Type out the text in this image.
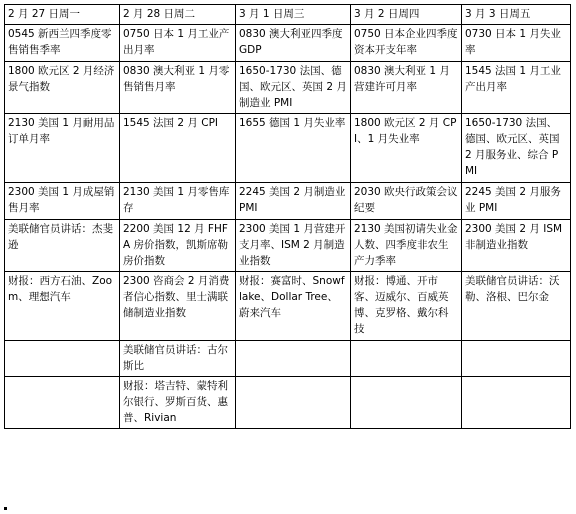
2 月 27 日周一	2 月 28 日周二	3 月 1 日周三	3 月 2 日周四	3 月 3 日周五

0545 新西兰四季度零售销售季率	0750 日本 1 月工业产出月率	0830 澳大利亚四季度 GDP	0750 日本企业四季度资本开支年率	0730 日本 1 月失业率

1800 欧元区 2 月经济景气指数	0830 澳大利亚 1 月零售销售月率	1650-1730 法国、德国、欧元区、英国 2 月制造业 PMI	0830 澳大利亚 1 月营建许可月率	1545 法国 1 月工业产出月率

2130 美国 1 月耐用品订单月率	1545 法国 2 月 CPI	1655 德国 1 月失业率	1800 欧元区 2 月 CPI、1 月失业率	1650-1730 法国、德国、欧元区、英国 2 月服务业、综合 PMI

2300 美国 1 月成屋销售月率	2130 美国 1 月零售库存	2245 美国 2 月制造业 PMI	2030 欧央行政策会议纪要	2245 美国 2 月服务业 PMI

美联储官员讲话：杰斐逊	2200 美国 12 月 FHFA 房价指数，凯斯席勒房价指数	2300 美国 1 月营建开支月率、ISM 2 月制造业指数	2130 美国初请失业金人数、四季度非农生产力季率	2300 美国 2 月 ISM 非制造业指数

财报：西方石油、Zoom、理想汽车	2300 咨商会 2 月消费者信心指数、里士满联储制造业指数	财报：赛富时、Snowflake、Dollar Tree、蔚来汽车	财报：博通、开市客、迈威尔、百威英博、克罗格、戴尔科技	美联储官员讲话：沃勒、洛根、巴尔金

	美联储官员讲话：古尔斯比			

	财报：塔吉特、蒙特利尔银行、罗斯百货、惠普、Rivian			
